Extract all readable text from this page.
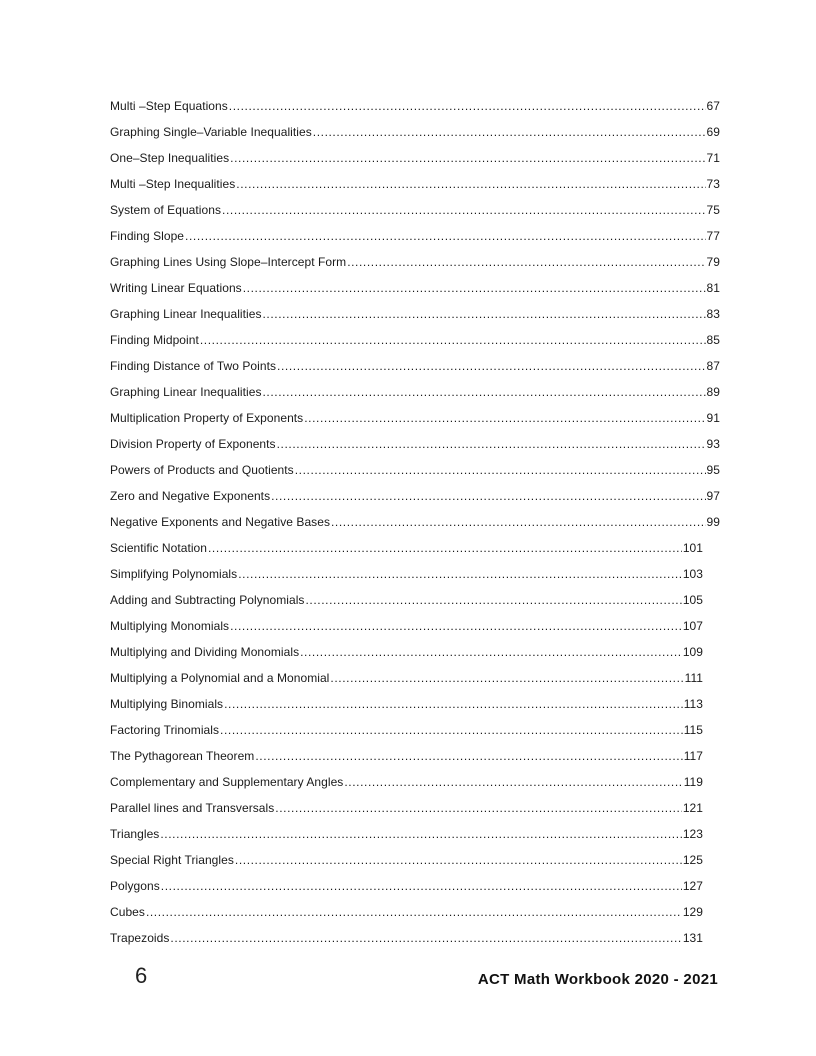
Multi –Step Equations .....	67
Graphing Single–Variable Inequalities .....	69
One–Step Inequalities .....	71
Multi –Step Inequalities .....	73
System of Equations .....	75
Finding Slope .....	77
Graphing Lines Using Slope–Intercept Form .....	79
Writing Linear Equations .....	81
Graphing Linear Inequalities .....	83
Finding Midpoint .....	85
Finding Distance of Two Points .....	87
Graphing Linear Inequalities .....	89
Multiplication Property of Exponents .....	91
Division Property of Exponents .....	93
Powers of Products and Quotients .....	95
Zero and Negative Exponents .....	97
Negative Exponents and Negative Bases .....	99
Scientific Notation .....	101
Simplifying Polynomials .....	103
Adding and Subtracting Polynomials .....	105
Multiplying Monomials .....	107
Multiplying and Dividing Monomials .....	109
Multiplying a Polynomial and a Monomial .....	111
Multiplying Binomials .....	113
Factoring Trinomials .....	115
The Pythagorean Theorem .....	117
Complementary and Supplementary Angles .....	119
Parallel lines and Transversals .....	121
Triangles .....	123
Special Right Triangles .....	125
Polygons .....	127
Cubes .....	129
Trapezoids .....	131
6	ACT Math Workbook 2020 - 2021
